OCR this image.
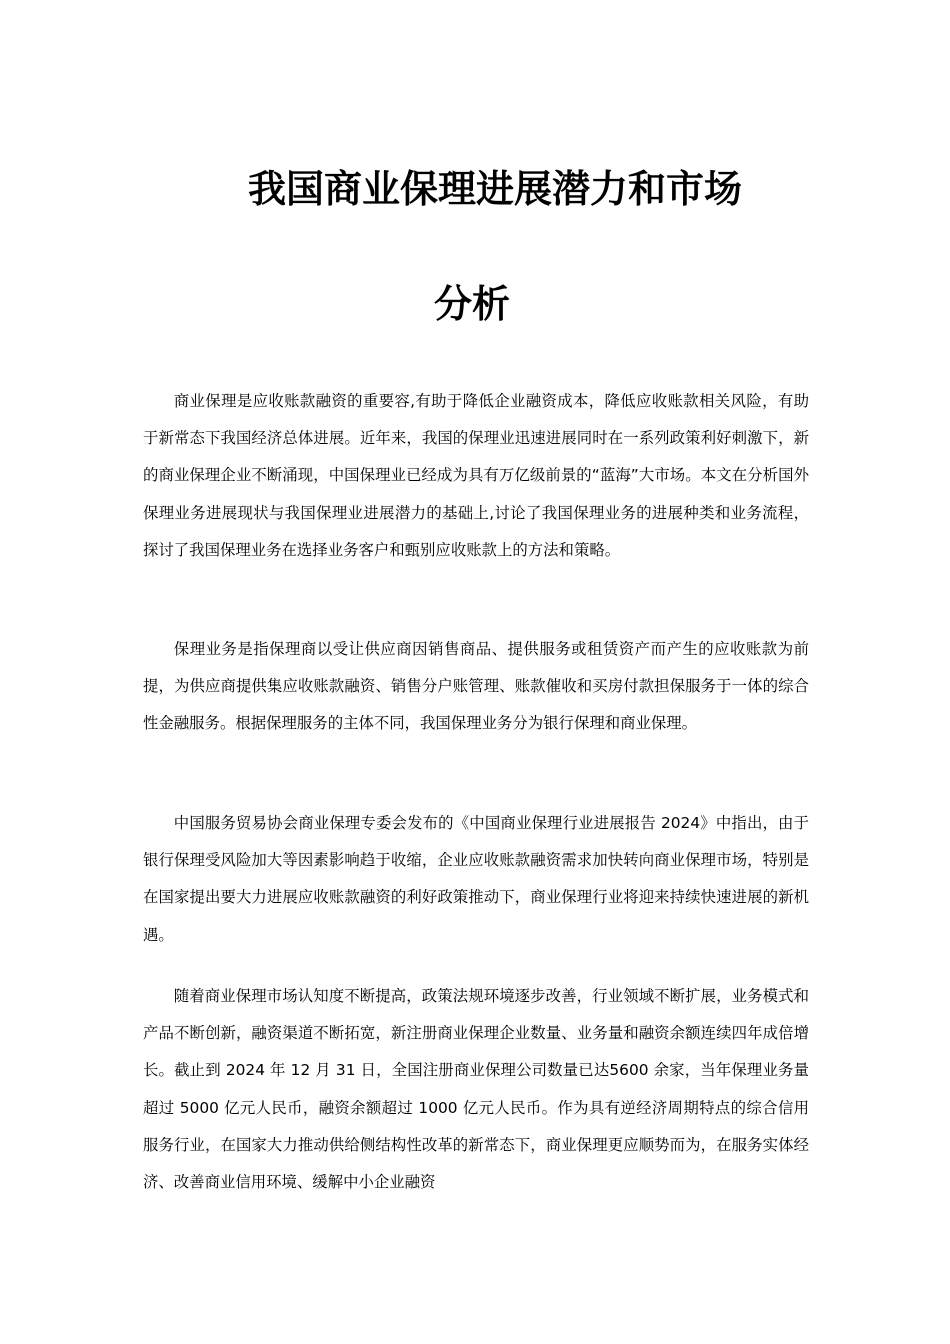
我国商业保理进展潜力和市场
分析

商业保理是应收账款融资的重要容,有助于降低企业融资成本，降低应收账款相关风险，有助于新常态下我国经济总体进展。近年来，我国的保理业迅速进展同时在一系列政策利好刺激下，新的商业保理企业不断涌现，中国保理业已经成为具有万亿级前景的“蓝海”大市场。本文在分析国外保理业务进展现状与我国保理业进展潜力的基础上,讨论了我国保理业务的进展种类和业务流程，探讨了我国保理业务在选择业务客户和甄别应收账款上的方法和策略。

保理业务是指保理商以受让供应商因销售商品、提供服务或租赁资产而产生的应收账款为前提，为供应商提供集应收账款融资、销售分户账管理、账款催收和买房付款担保服务于一体的综合性金融服务。根据保理服务的主体不同，我国保理业务分为银行保理和商业保理。

中国服务贸易协会商业保理专委会发布的《中国商业保理行业进展报告 2024》中指出，由于银行保理受风险加大等因素影响趋于收缩，企业应收账款融资需求加快转向商业保理市场，特别是在国家提出要大力进展应收账款融资的利好政策推动下，商业保理行业将迎来持续快速进展的新机遇。

随着商业保理市场认知度不断提高，政策法规环境逐步改善，行业领域不断扩展，业务模式和产品不断创新，融资渠道不断拓宽，新注册商业保理企业数量、业务量和融资余额连续四年成倍增长。截止到 2024 年 12 月 31 日，全国注册商业保理公司数量已达5600 余家，当年保理业务量超过 5000 亿元人民币，融资余额超过 1000 亿元人民币。作为具有逆经济周期特点的综合信用服务行业，在国家大力推动供给侧结构性改革的新常态下，商业保理更应顺势而为，在服务实体经济、改善商业信用环境、缓解中小企业融资
